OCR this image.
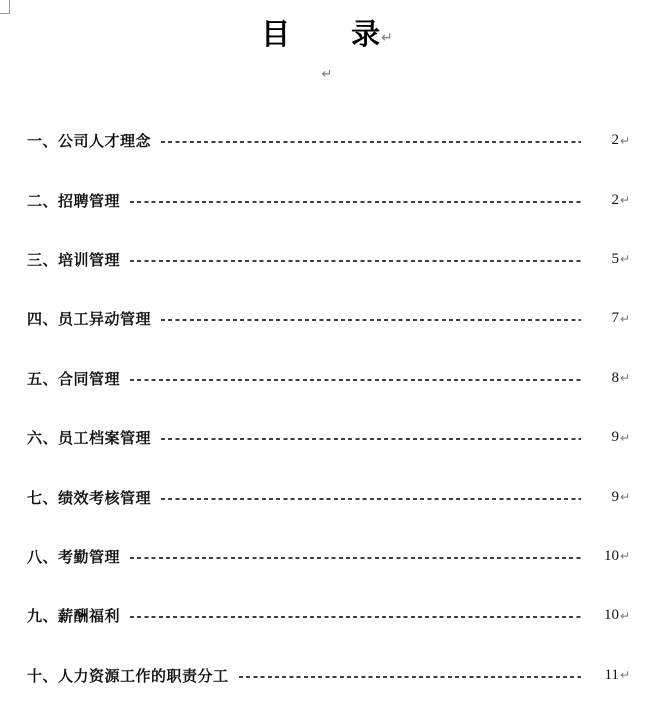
目　　录↵
↵
一、公司人才理念	2 ↵
二、招聘管理	2 ↵
三、培训管理	5 ↵
四、员工异动管理	7 ↵
五、合同管理	8 ↵
六、员工档案管理	9 ↵
七、绩效考核管理	9 ↵
八、考勤管理	10 ↵
九、薪酬福利	10 ↵
十、人力资源工作的职责分工	11 ↵
